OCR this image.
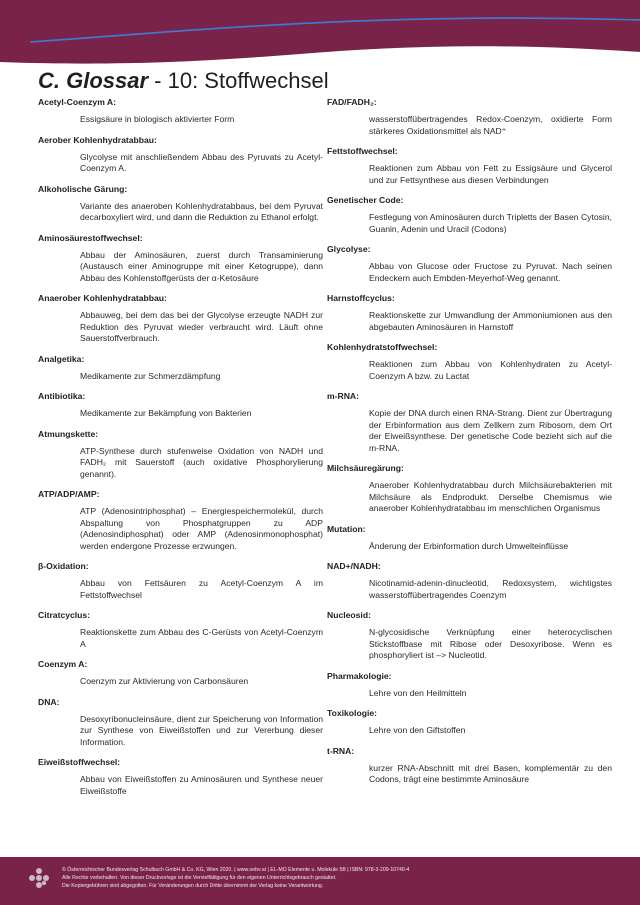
C. Glossar - 10: Stoffwechsel
Acetyl-Coenzym A:
Essigsäure in biologisch aktivierter Form
Aerober Kohlenhydratabbau:
Glycolyse mit anschließendem Abbau des Pyruvats zu Acetyl-Coenzym A.
Alkoholische Gärung:
Variante des anaeroben Kohlenhydratabbaus, bei dem Pyruvat decarboxyliert wird, und dann die Reduktion zu Ethanol erfolgt.
Aminosäurestoffwechsel:
Abbau der Aminosäuren, zuerst durch Transaminierung (Austausch einer Aminogruppe mit einer Ketogruppe), dann Abbau des Kohlenstoffgerüsts der α-Ketosäure
Anaerober Kohlenhydratabbau:
Abbauweg, bei dem das bei der Glycolyse erzeugte NADH zur Reduktion des Pyruvat wieder verbraucht wird. Läuft ohne Sauerstoffverbrauch.
Analgetika:
Medikamente zur Schmerzdämpfung
Antibiotika:
Medikamente zur Bekämpfung von Bakterien
Atmungskette:
ATP-Synthese durch stufenweise Oxidation von NADH und FADH₂ mit Sauerstoff (auch oxidative Phosphorylierung genannt).
ATP/ADP/AMP:
ATP (Adenosintriphosphat) – Energiespeichermolekül, durch Abspaltung von Phosphatgruppen zu ADP (Adenosindiphosphat) oder AMP (Adenosinmonophosphat) werden endergone Prozesse erzwungen.
β-Oxidation:
Abbau von Fettsäuren zu Acetyl-Coenzym A im Fettstoffwechsel
Citratcyclus:
Reaktionskette zum Abbau des C-Gerüsts von Acetyl-Coenzym A
Coenzym A:
Coenzym zur Aktivierung von Carbonsäuren
DNA:
Desoxyribonucleinsäure, dient zur Speicherung von Information zur Synthese von Eiweißstoffen und zur Vererbung dieser Information.
Eiweißstoffwechsel:
Abbau von Eiweißstoffen zu Aminosäuren und Synthese neuer Eiweißstoffe
FAD/FADH₂:
wasserstoffübertragendes Redox-Coenzym, oxidierte Form stärkeres Oxidationsmittel als NAD⁺
Fettstoffwechsel:
Reaktionen zum Abbau von Fett zu Essigsäure und Glycerol und zur Fettsynthese aus diesen Verbindungen
Genetischer Code:
Festlegung von Aminosäuren durch Tripletts der Basen Cytosin, Guanin, Adenin und Uracil (Codons)
Glycolyse:
Abbau von Glucose oder Fructose zu Pyruvat. Nach seinen Endeckern auch Embden-Meyerhof-Weg genannt.
Harnstoffcyclus:
Reaktionskette zur Umwandlung der Ammoniumionen aus den abgebauten Aminosäuren in Harnstoff
Kohlenhydratstoffwechsel:
Reaktionen zum Abbau von Kohlenhydraten zu Acetyl-Coenzym A bzw. zu Lactat
m-RNA:
Kopie der DNA durch einen RNA-Strang. Dient zur Übertragung der Erbinformation aus dem Zellkern zum Ribosom, dem Ort der Eiweißsynthese. Der genetische Code bezieht sich auf die m-RNA.
Milchsäuregärung:
Anaerober Kohlenhydratabbau durch Milchsäurebakterien mit Milchsäure als Endprodukt. Derselbe Chemismus wie anaerober Kohlenhydratabbau im menschlichen Organismus
Mutation:
Änderung der Erbinformation durch Umwelteinflüsse
NAD+/NADH:
Nicotinamid-adenin-dinucleotid, Redoxsystem, wichtigstes wasserstoffübertragendes Coenzym
Nucleosid:
N-glycosidische Verknüpfung einer heterocyclischen Stickstoffbase mit Ribose oder Desoxyribose. Wenn es phosphoryliert ist –> Nucleotid.
Pharmakologie:
Lehre von den Heilmitteln
Toxikologie:
Lehre von den Giftstoffen
t-RNA:
kurzer RNA-Abschnitt mit drei Basen, komplementär zu den Codons, trägt eine bestimmte Aminosäure
© Österreichischer Bundesverlag Schulbuch GmbH & Co. KG, Wien 2020. | www.oebv.at | EL-MO Elemente u. Moleküle 5B | ISBN: 978-3-209-10740-4
Alle Rechte vorbehalten. Von dieser Druckvorlage ist die Vervielfältigung für den eigenen Unterrichtsgebrauch gestattet.
Die Kopiergebühren sind abgegolten. Für Veränderungen durch Dritte übernimmt der Verlag keine Verantwortung.
